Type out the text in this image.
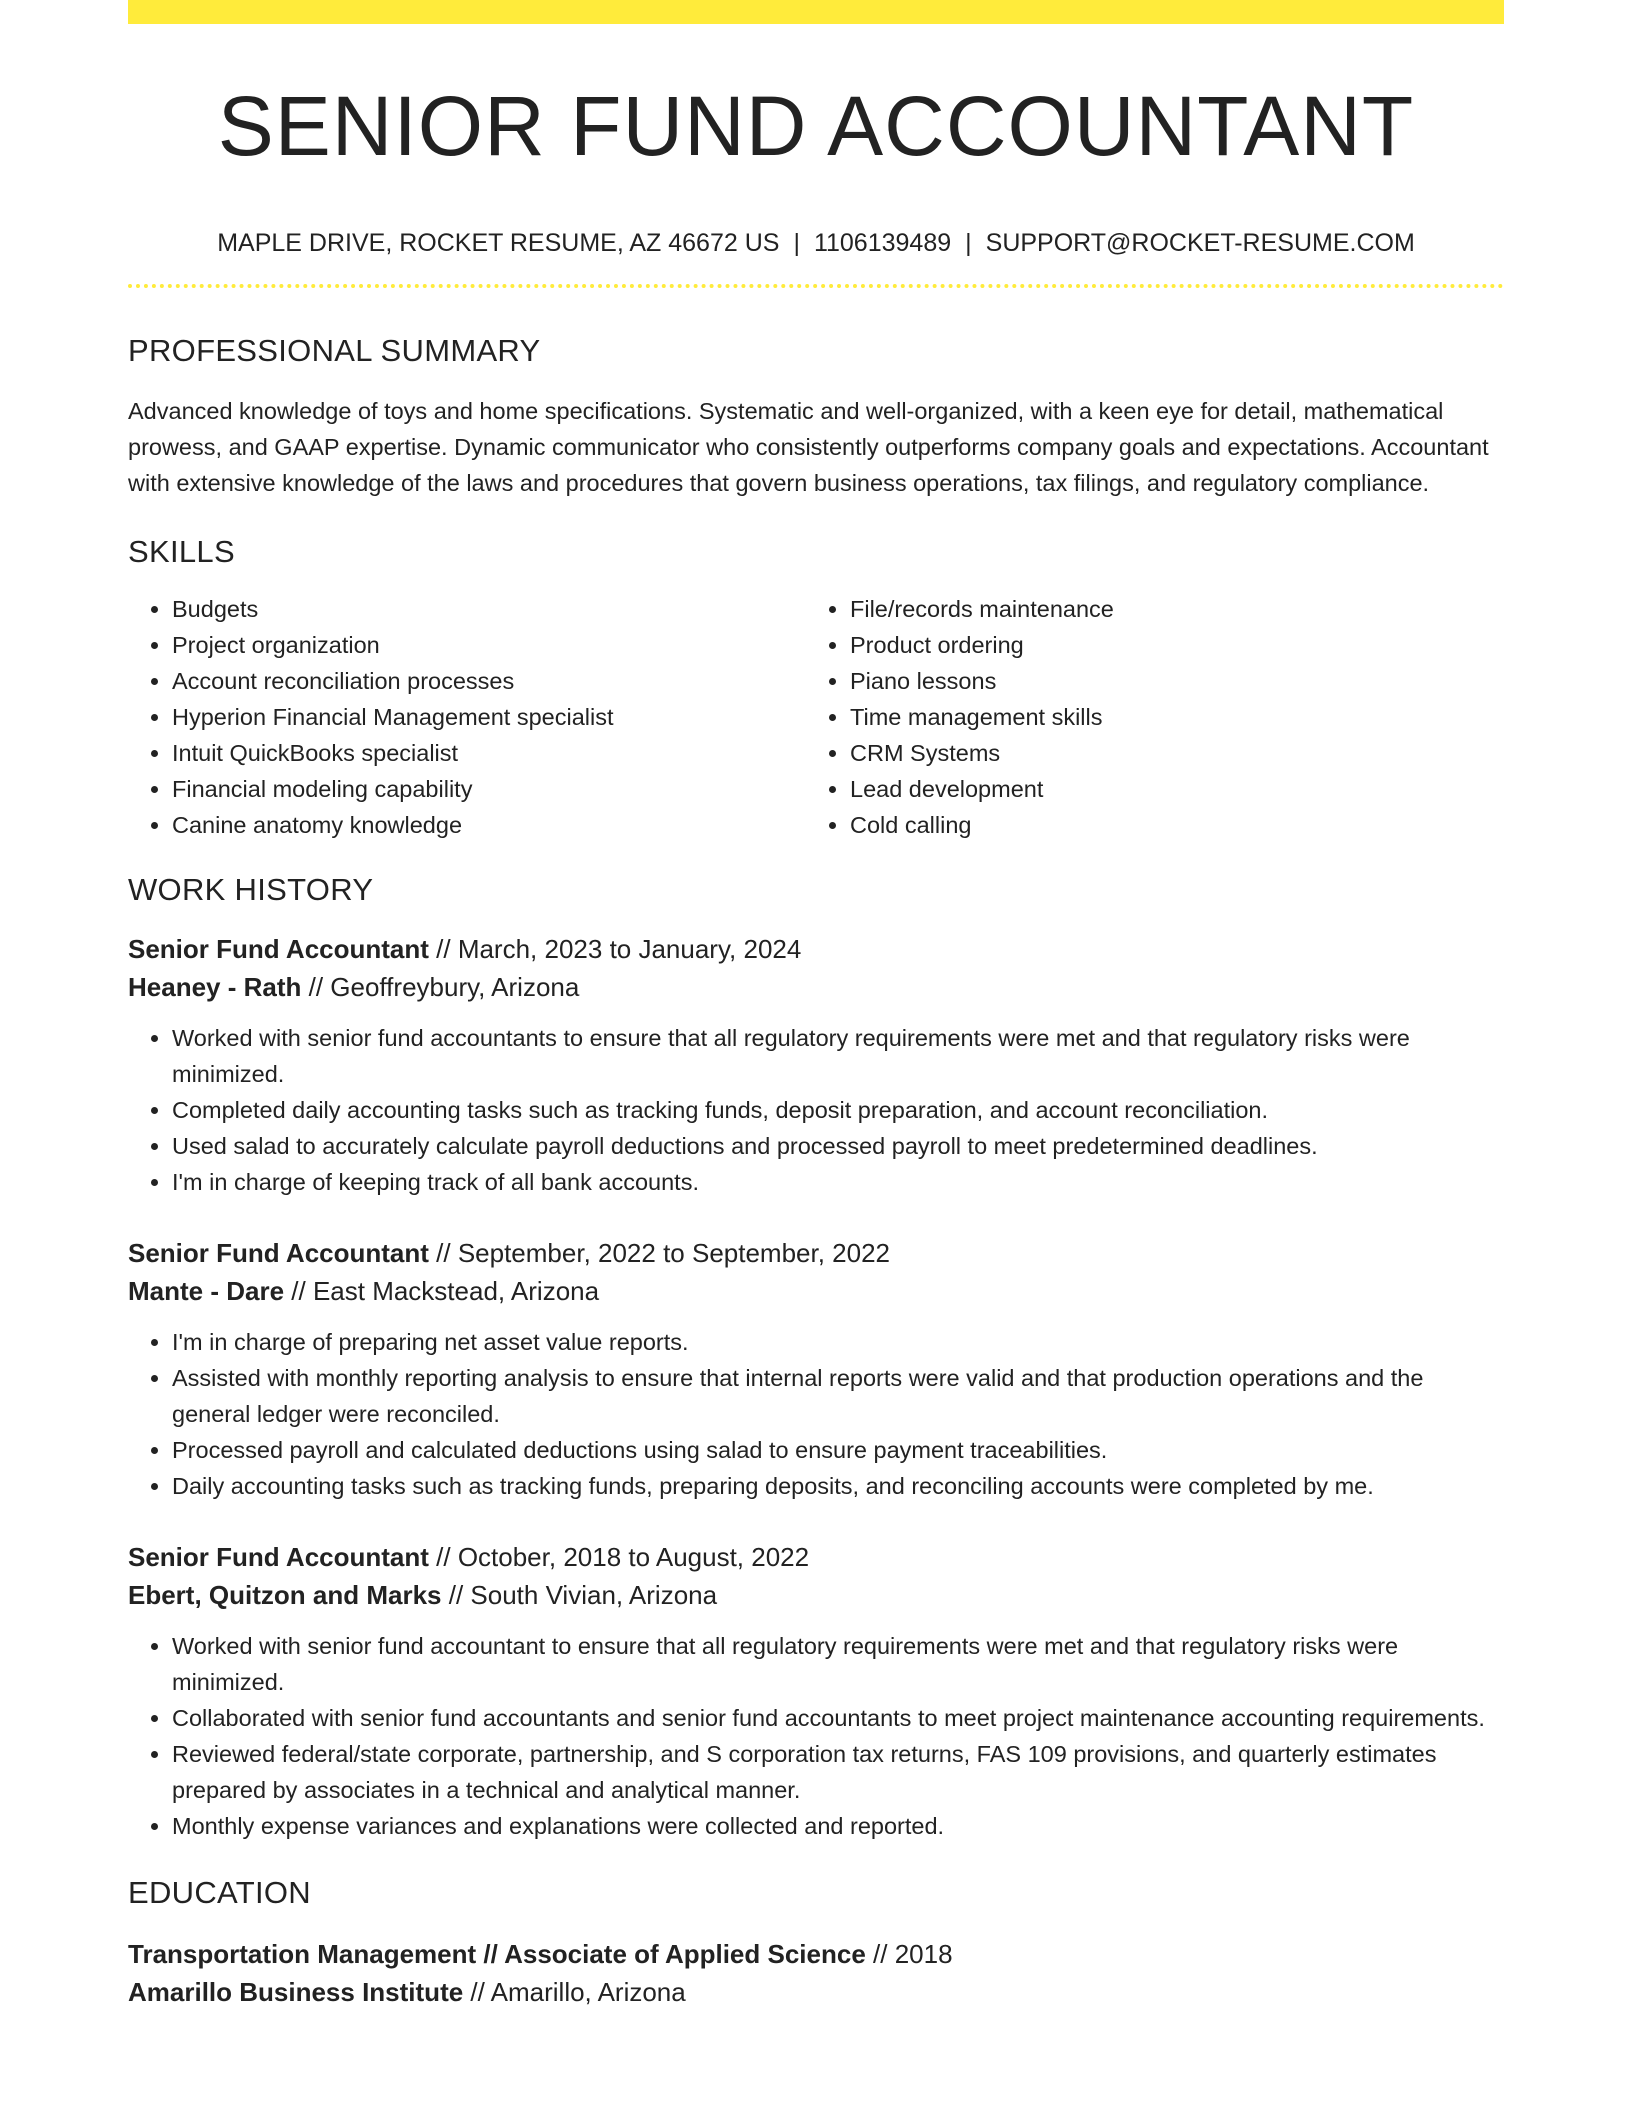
SENIOR FUND ACCOUNTANT
MAPLE DRIVE, ROCKET RESUME, AZ 46672 US | 1106139489 | SUPPORT@ROCKET-RESUME.COM
PROFESSIONAL SUMMARY

Advanced knowledge of toys and home specifications. Systematic and well-organized, with a keen eye for detail, mathematical prowess, and GAAP expertise. Dynamic communicator who consistently outperforms company goals and expectations. Accountant with extensive knowledge of the laws and procedures that govern business operations, tax filings, and regulatory compliance.

SKILLS
• Budgets
• Project organization
• Account reconciliation processes
• Hyperion Financial Management specialist
• Intuit QuickBooks specialist
• Financial modeling capability
• Canine anatomy knowledge
• File/records maintenance
• Product ordering
• Piano lessons
• Time management skills
• CRM Systems
• Lead development
• Cold calling
WORK HISTORY
Senior Fund Accountant // March, 2023 to January, 2024
Heaney - Rath // Geoffreybury, Arizona
• Worked with senior fund accountants to ensure that all regulatory requirements were met and that regulatory risks were minimized.
• Completed daily accounting tasks such as tracking funds, deposit preparation, and account reconciliation.
• Used salad to accurately calculate payroll deductions and processed payroll to meet predetermined deadlines.
• I'm in charge of keeping track of all bank accounts.
Senior Fund Accountant // September, 2022 to September, 2022
Mante - Dare // East Mackstead, Arizona
• I'm in charge of preparing net asset value reports.
• Assisted with monthly reporting analysis to ensure that internal reports were valid and that production operations and the general ledger were reconciled.
• Processed payroll and calculated deductions using salad to ensure payment traceabilities.
• Daily accounting tasks such as tracking funds, preparing deposits, and reconciling accounts were completed by me.
Senior Fund Accountant // October, 2018 to August, 2022
Ebert, Quitzon and Marks // South Vivian, Arizona
• Worked with senior fund accountant to ensure that all regulatory requirements were met and that regulatory risks were minimized.
• Collaborated with senior fund accountants and senior fund accountants to meet project maintenance accounting requirements.
• Reviewed federal/state corporate, partnership, and S corporation tax returns, FAS 109 provisions, and quarterly estimates prepared by associates in a technical and analytical manner.
• Monthly expense variances and explanations were collected and reported.
EDUCATION
Transportation Management // Associate of Applied Science // 2018
Amarillo Business Institute // Amarillo, Arizona
